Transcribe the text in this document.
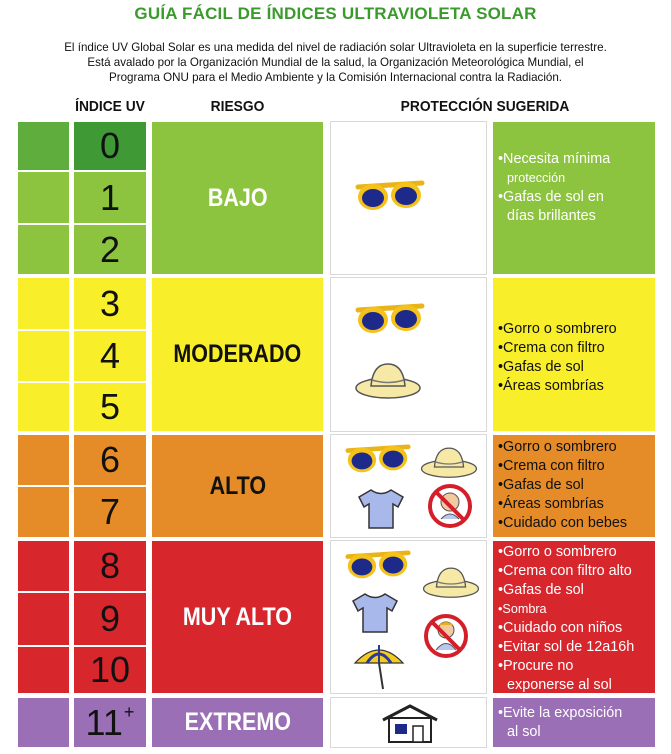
GUÍA FÁCIL DE ÍNDICES ULTRAVIOLETA SOLAR
El índice UV Global Solar es una medida del nivel de radiación solar Ultravioleta en la superficie terrestre.
Está avalado por la Organización Mundial de la salud, la Organización Meteorológica Mundial, el
Programa ONU para el Medio Ambiente y la Comisión Internacional contra la Radiación.
ÍNDICE UV	RIESGO	PROTECCIÓN SUGERIDA
0
1
2
3
4
5
6
7
8
9
10
11+
BAJO
MODERADO
ALTO
MUY ALTO
EXTREMO
•Necesita mínima
protección
•Gafas de sol en
días brillantes
•Gorro o sombrero
•Crema con filtro
•Gafas de sol
•Áreas sombrías
•Gorro o sombrero
•Crema con filtro
•Gafas de sol
•Áreas sombrías
•Cuidado con bebes
•Gorro o sombrero
•Crema con filtro alto
•Gafas de sol
•Sombra
•Cuidado con niños
•Evitar sol de 12a16h
•Procure no
exponerse al sol
•Evite la exposición
al sol
